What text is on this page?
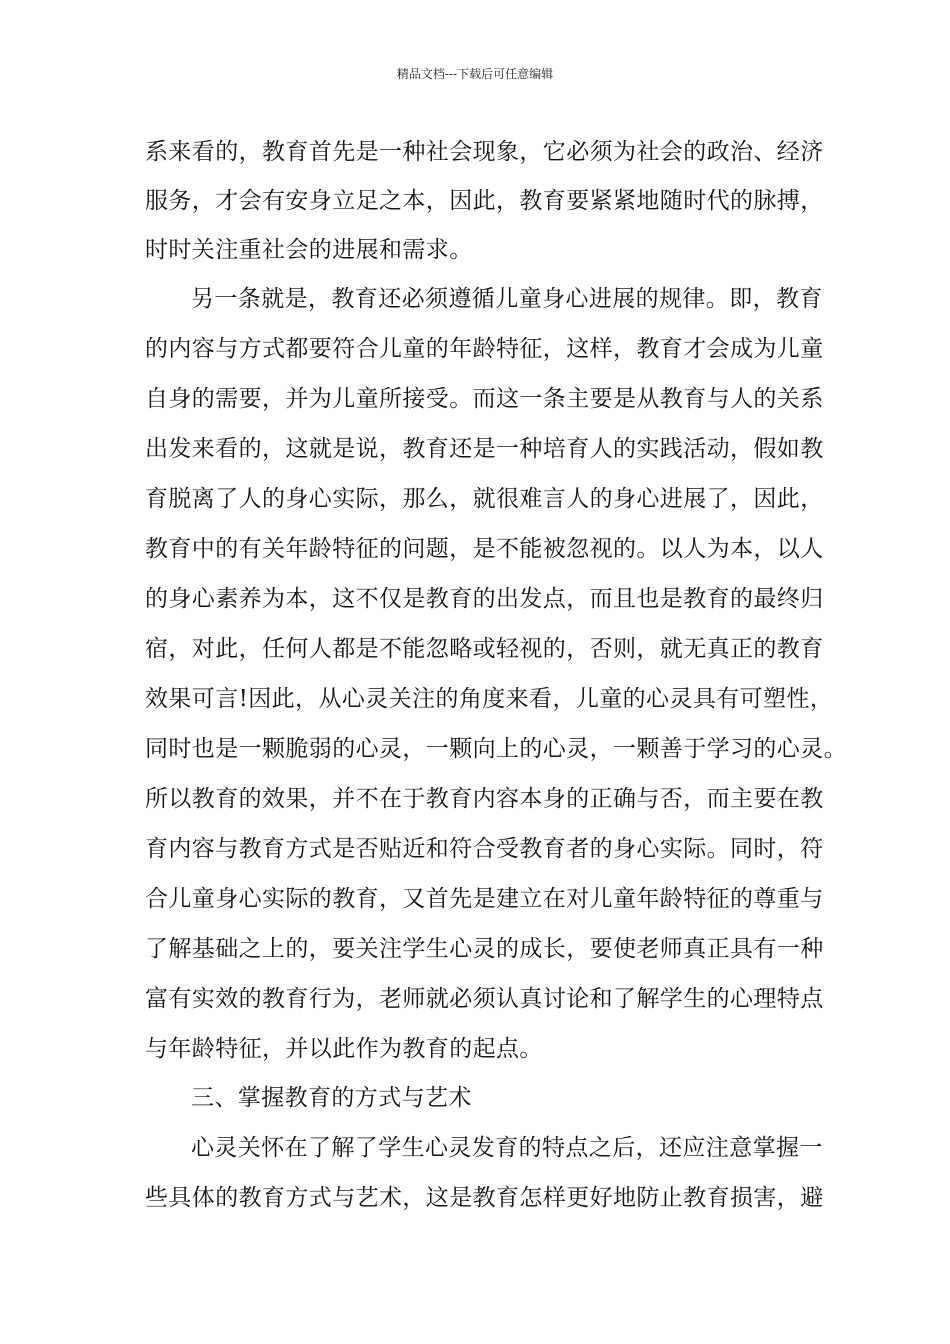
精品文档---下载后可任意编辑
系来看的，教育首先是一种社会现象，它必须为社会的政治、经济
服务，才会有安身立足之本，因此，教育要紧紧地随时代的脉搏，
时时关注重社会的进展和需求。
另一条就是，教育还必须遵循儿童身心进展的规律。即，教育
的内容与方式都要符合儿童的年龄特征，这样，教育才会成为儿童
自身的需要，并为儿童所接受。而这一条主要是从教育与人的关系
出发来看的，这就是说，教育还是一种培育人的实践活动，假如教
育脱离了人的身心实际，那么，就很难言人的身心进展了，因此，
教育中的有关年龄特征的问题，是不能被忽视的。以人为本，以人
的身心素养为本，这不仅是教育的出发点，而且也是教育的最终归
宿，对此，任何人都是不能忽略或轻视的，否则，就无真正的教育
效果可言!因此，从心灵关注的角度来看，儿童的心灵具有可塑性，
同时也是一颗脆弱的心灵，一颗向上的心灵，一颗善于学习的心灵。
所以教育的效果，并不在于教育内容本身的正确与否，而主要在教
育内容与教育方式是否贴近和符合受教育者的身心实际。同时，符
合儿童身心实际的教育，又首先是建立在对儿童年龄特征的尊重与
了解基础之上的，要关注学生心灵的成长，要使老师真正具有一种
富有实效的教育行为，老师就必须认真讨论和了解学生的心理特点
与年龄特征，并以此作为教育的起点。
三、掌握教育的方式与艺术
心灵关怀在了解了学生心灵发育的特点之后，还应注意掌握一
些具体的教育方式与艺术，这是教育怎样更好地防止教育损害，避
